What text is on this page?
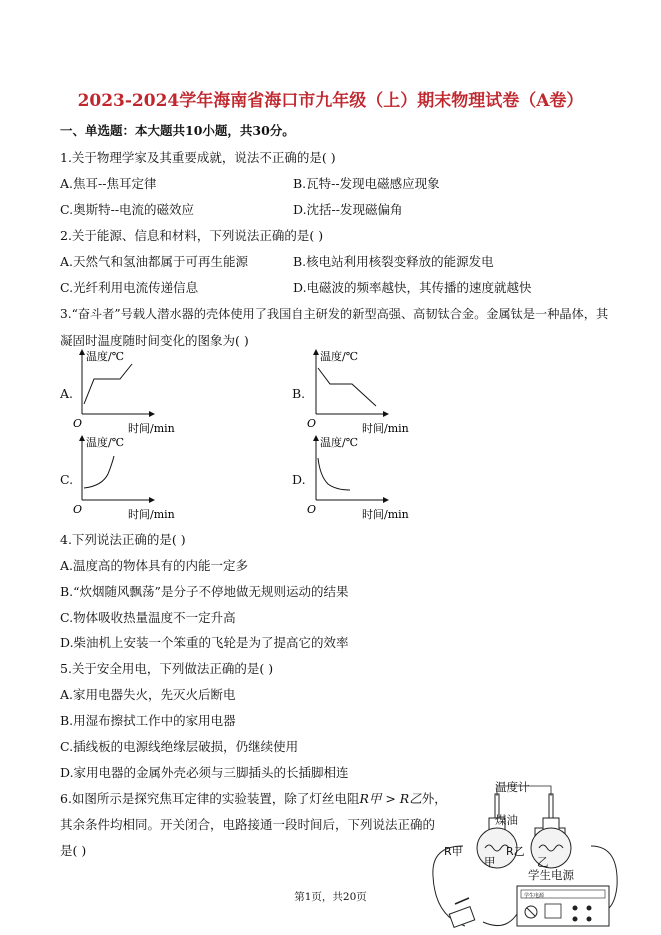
2023-2024学年海南省海口市九年级（上）期末物理试卷（A卷）
一、单选题：本大题共10小题，共30分。
1.关于物理学家及其重要成就，说法不正确的是( )
A.焦耳--焦耳定律	B.瓦特--发现电磁感应现象
C.奥斯特--电流的磁效应	D.沈括--发现磁偏角
2.关于能源、信息和材料，下列说法正确的是( )
A.天然气和氢油都属于可再生能源	B.核电站利用核裂变释放的能源发电
C.光纤利用电流传递信息	D.电磁波的频率越快，其传播的速度就越快
3.“奋斗者”号载人潜水器的壳体使用了我国自主研发的新型高强、高韧钛合金。金属钛是一种晶体，其
凝固时温度随时间变化的图象为( )
A.
温度/℃
O	时间/min
B.
温度/℃
O	时间/min
C.
温度/℃
O	时间/min
D.
温度/℃
O	时间/min
4.下列说法正确的是( )
A.温度高的物体具有的内能一定多
B.“炊烟随风飘荡”是分子不停地做无规则运动的结果
C.物体吸收热量温度不一定升高
D.柴油机上安装一个笨重的飞轮是为了提高它的效率
5.关于安全用电，下列做法正确的是( )
A.家用电器失火，先灭火后断电
B.用湿布擦拭工作中的家用电器
C.插线板的电源线绝缘层破损，仍继续使用
D.家用电器的金属外壳必须与三脚插头的长插脚相连
6.如图所示是探究焦耳定律的实验装置，除了灯丝电阻R甲 > R乙外，
其余条件均相同。开关闭合，电路接通一段时间后，下列说法正确的
是( )
学生电源
温度计
煤油
R甲
甲
R乙
乙
学生电源
第1页，共20页
